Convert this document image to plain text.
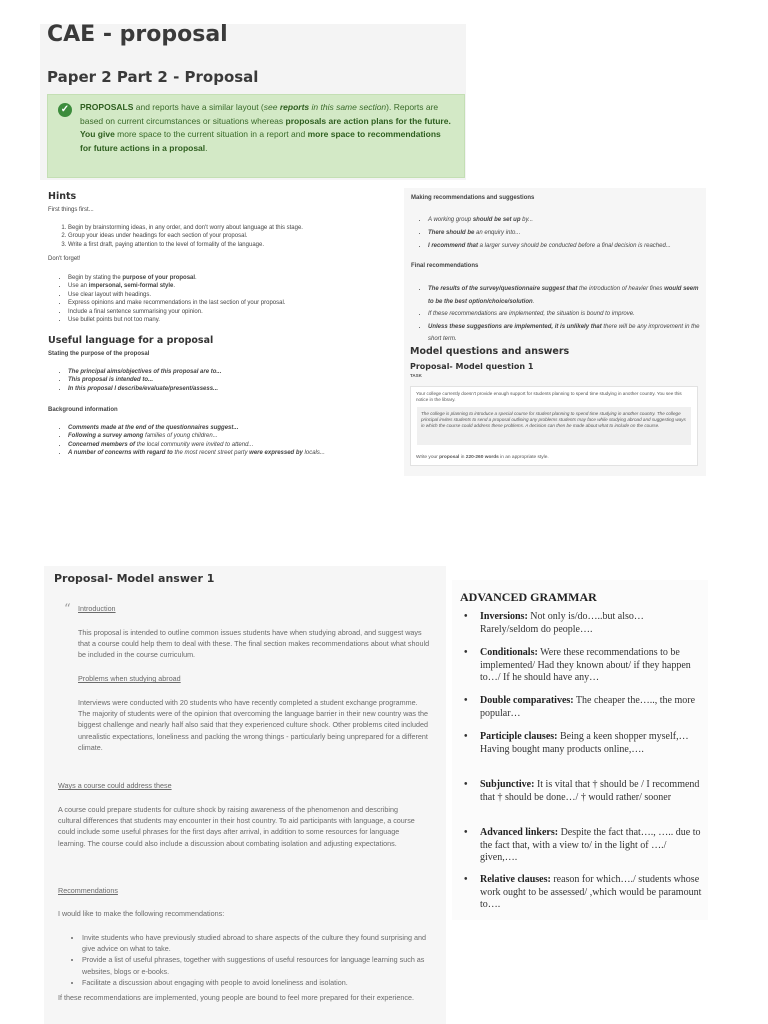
CAE - proposal
Paper 2 Part 2 - Proposal
✓	PROPOSALS and reports have a similar layout (see reports in this same section). Reports are based on current circumstances or situations whereas proposals are action plans for the future. You give more space to the current situation in a report and more space to recommendations for future actions in a proposal.
Hints
First things first...
1. Begin by brainstorming ideas, in any order, and don't worry about language at this stage.
2. Group your ideas under headings for each section of your proposal.
3. Write a first draft, paying attention to the level of formality of the language.
Don't forget!
• Begin by stating the purpose of your proposal.
• Use an impersonal, semi-formal style.
• Use clear layout with headings.
• Express opinions and make recommendations in the last section of your proposal.
• Include a final sentence summarising your opinion.
• Use bullet points but not too many.
Useful language for a proposal
Stating the purpose of the proposal
• The principal aims/objectives of this proposal are to...
• This proposal is intended to...
• In this proposal I describe/evaluate/present/assess...
Background information
• Comments made at the end of the questionnaires suggest...
• Following a survey among families of young children...
• Concerned members of the local community were invited to attend...
• A number of concerns with regard to the most recent street party were expressed by locals...
Making recommendations and suggestions
• A working group should be set up by...
• There should be an enquiry into...
• I recommend that a larger survey should be conducted before a final decision is reached...
Final recommendations
• The results of the survey/questionnaire suggest that the introduction of heavier fines would seem to be the best option/choice/solution.
• If these recommendations are implemented, the situation is bound to improve.
• Unless these suggestions are implemented, it is unlikely that there will be any improvement in the short term.
Model questions and answers
Proposal- Model question 1
TASK
Your college currently doesn't provide enough support for students planning to spend time studying in another country. You see this notice in the library.
The college is planning to introduce a special course for student planning to spend time studying in another country. The college principal invites students to send a proposal outlining any problems students may face while studying abroad and suggesting ways in which the course could address these problems. A decision can then be made about what to include on the course.
Write your proposal in 220-260 words in an appropriate style.
Proposal- Model answer 1
“ Introduction
This proposal is intended to outline common issues students have when studying abroad, and suggest ways that a course could help them to deal with these. The final section makes recommendations about what should be included in the course curriculum.
Problems when studying abroad
Interviews were conducted with 20 students who have recently completed a student exchange programme. The majority of students were of the opinion that overcoming the language barrier in their new country was the biggest challenge and nearly half also said that they experienced culture shock. Other problems cited included unrealistic expectations, loneliness and packing the wrong things - particularly being unprepared for a different climate.
Ways a course could address these
A course could prepare students for culture shock by raising awareness of the phenomenon and describing cultural differences that students may encounter in their host country. To aid participants with language, a course could include some useful phrases for the first days after arrival, in addition to some resources for language learning. The course could also include a discussion about combating isolation and adjusting expectations.
Recommendations
I would like to make the following recommendations:
• Invite students who have previously studied abroad to share aspects of the culture they found surprising and give advice on what to take.
• Provide a list of useful phrases, together with suggestions of useful resources for language learning such as websites, blogs or e-books.
• Facilitate a discussion about engaging with people to avoid loneliness and isolation.
If these recommendations are implemented, young people are bound to feel more prepared for their experience.
ADVANCED GRAMMAR
• Inversions: Not only is/do…..but also… Rarely/seldom do people….
• Conditionals: Were these recommendations to be implemented/ Had they known about/ if they happen to…/ If he should have any…
• Double comparatives: The cheaper the….., the more popular…
• Participle clauses: Being a keen shopper myself,… Having bought many products online,….
• Subjunctive: It is vital that † should be / I recommend that † should be done…/ † would rather/ sooner
• Advanced linkers: Despite the fact that…., ….. due to the fact that, with a view to/ in the light of …./ given,….
• Relative clauses: reason for which…./ students whose work ought to be assessed/ ,which would be paramount to….
